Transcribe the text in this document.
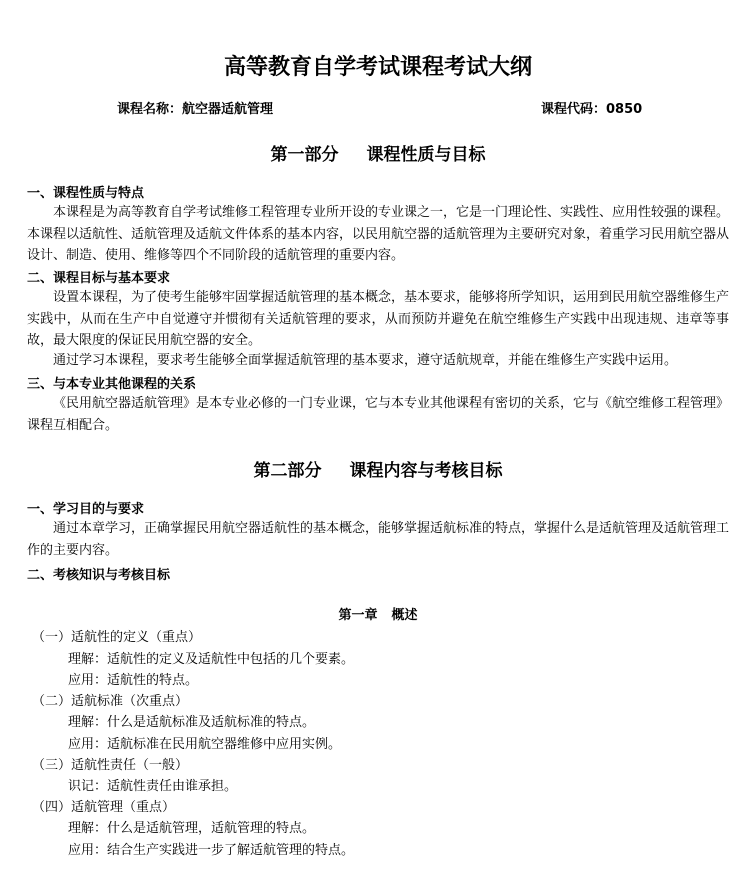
高等教育自学考试课程考试大纲
课程名称：航空器适航管理	课程代码：0850
第一部分 课程性质与目标
一、课程性质与特点
本课程是为高等教育自学考试维修工程管理专业所开设的专业课之一，它是一门理论性、实践性、应用性较强的课程。本课程以适航性、适航管理及适航文件体系的基本内容，以民用航空器的适航管理为主要研究对象，着重学习民用航空器从设计、制造、使用、维修等四个不同阶段的适航管理的重要内容。
二、课程目标与基本要求
设置本课程，为了使考生能够牢固掌握适航管理的基本概念，基本要求，能够将所学知识，运用到民用航空器维修生产实践中，从而在生产中自觉遵守并惯彻有关适航管理的要求，从而预防并避免在航空维修生产实践中出现违规、违章等事故，最大限度的保证民用航空器的安全。
通过学习本课程，要求考生能够全面掌握适航管理的基本要求，遵守适航规章，并能在维修生产实践中运用。
三、与本专业其他课程的关系
《民用航空器适航管理》是本专业必修的一门专业课，它与本专业其他课程有密切的关系，它与《航空维修工程管理》课程互相配合。
第二部分 课程内容与考核目标
一、学习目的与要求
通过本章学习，正确掌握民用航空器适航性的基本概念，能够掌握适航标准的特点，掌握什么是适航管理及适航管理工作的主要内容。
二、考核知识与考核目标
第一章 概述
（一）适航性的定义（重点）
理解：适航性的定义及适航性中包括的几个要素。
应用：适航性的特点。
（二）适航标准（次重点）
理解：什么是适航标准及适航标准的特点。
应用：适航标准在民用航空器维修中应用实例。
（三）适航性责任（一般）
识记：适航性责任由谁承担。
（四）适航管理（重点）
理解：什么是适航管理，适航管理的特点。
应用：结合生产实践进一步了解适航管理的特点。
